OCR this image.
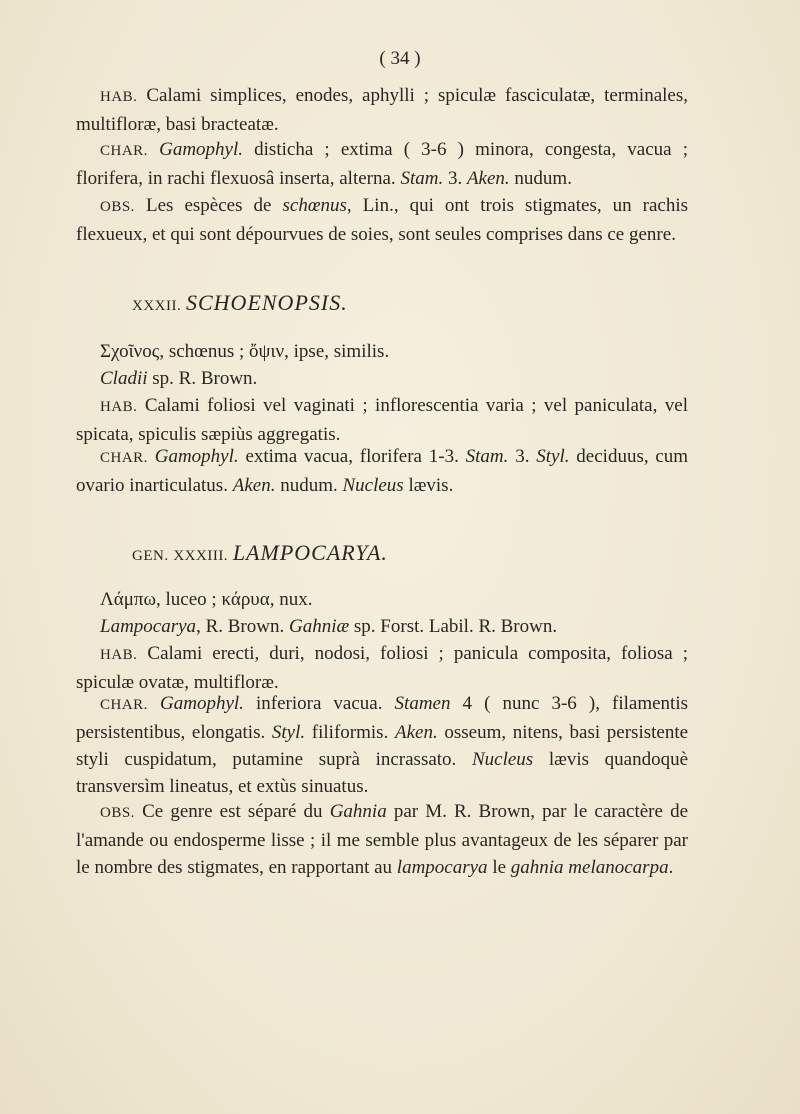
( 34 )

HAB. Calami simplices, enodes, aphylli ; spiculæ fasciculatæ, terminales, multifloræ, basi bracteatæ.

CHAR. Gamophyl. disticha ; extima ( 3-6 ) minora, congesta, vacua ; florifera, in rachi flexuosâ inserta, alterna. Stam. 3. Aken. nudum.

OBS. Les espèces de schœnus, Lin., qui ont trois stigmates, un rachis flexueux, et qui sont dépourvues de soies, sont seules comprises dans ce genre.

XXXII. SCHOENOPSIS.
Σχοῖνος, schœnus ; ὄψιν, ipse, similis.
Cladii sp. R. Brown.

HAB. Calami foliosi vel vaginati ; inflorescentia varia ; vel paniculata, vel spicata, spiculis sæpiùs aggregatis.

CHAR. Gamophyl. extima vacua, florifera 1-3. Stam. 3. Styl. deciduus, cum ovario inarticulatus. Aken. nudum. Nucleus lævis.

GEN. XXXIII. LAMPOCARYA.
Λάμπω, luceo ; κάρυα, nux.
Lampocarya, R. Brown. Gahniæ sp. Forst. Labil. R. Brown.

HAB. Calami erecti, duri, nodosi, foliosi ; panicula composita, foliosa ; spiculæ ovatæ, multifloræ.

CHAR. Gamophyl. inferiora vacua. Stamen 4 ( nunc 3-6 ), filamentis persistentibus, elongatis. Styl. filiformis. Aken. osseum, nitens, basi persistente styli cuspidatum, putamine suprà incrassato. Nucleus lævis quandoquè transversìm lineatus, et extùs sinuatus.

OBS. Ce genre est séparé du Gahnia par M. R. Brown, par le caractère de l'amande ou endosperme lisse ; il me semble plus avantageux de les séparer par le nombre des stigmates, en rapportant au lampocarya le gahnia melanocarpa.
